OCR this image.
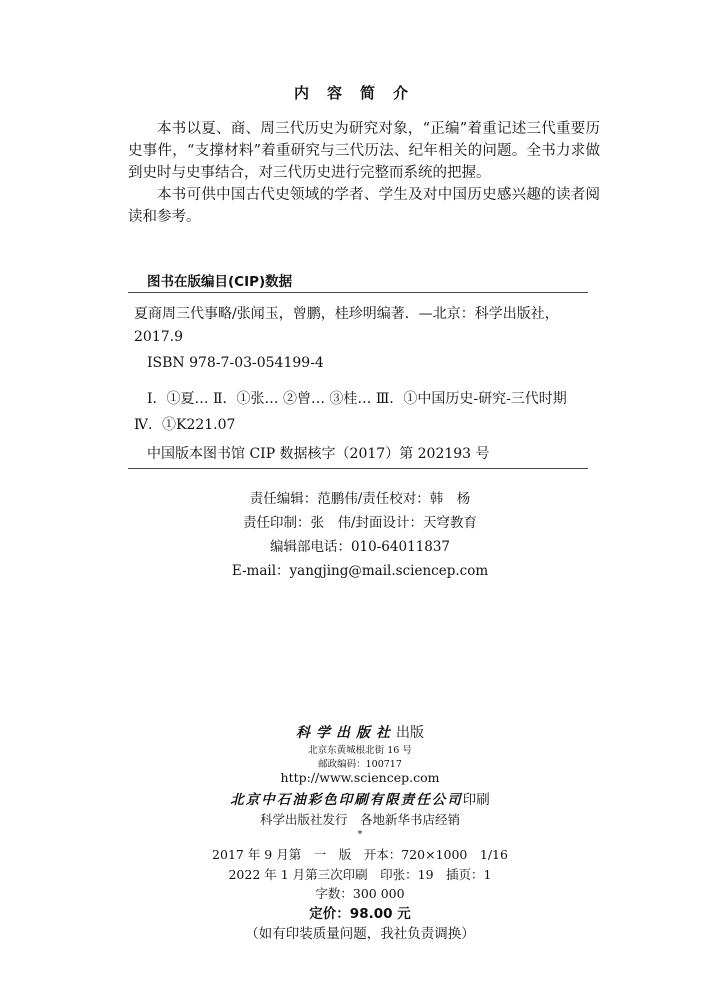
内容简介

本书以夏、商、周三代历史为研究对象，“正编”着重记述三代重要历史事件，“支撑材料”着重研究与三代历法、纪年相关的问题。全书力求做到史时与史事结合，对三代历史进行完整而系统的把握。

本书可供中国古代史领域的学者、学生及对中国历史感兴趣的读者阅读和参考。

图书在版编目(CIP)数据
夏商周三代事略/张闻玉，曾鹏，桂珍明编著．—北京：科学出版社，
2017.9
ISBN 978-7-03-054199-4
Ⅰ．①夏… Ⅱ．①张… ②曾… ③桂… Ⅲ．①中国历史-研究-三代时期
Ⅳ．①K221.07
中国版本图书馆 CIP 数据核字（2017）第 202193 号
责任编辑：范鹏伟/责任校对：韩　杨
责任印制：张　伟/封面设计：天穹教育
编辑部电话：010-64011837
E-mail：yangjing@mail.sciencep.com
科学出版社出版
北京东黄城根北街 16 号
邮政编码：100717
http://www.sciencep.com
北京中石油彩色印刷有限责任公司印刷
科学出版社发行　各地新华书店经销
*
2017 年 9 月第　一　版　开本：720×1000　1/16
2022 年 1 月第三次印刷　印张：19　插页：1
字数：300 000
定价：98.00 元
（如有印装质量问题，我社负责调换）
